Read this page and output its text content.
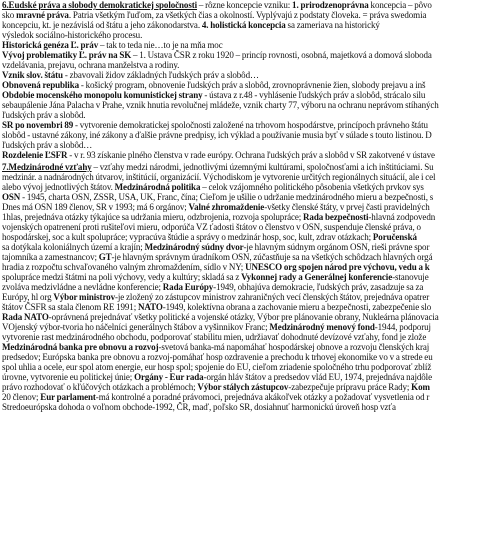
6.Eudské práva a slobody demokratickej spoločnosti – rôzne koncepcie vzniku: 1. prirodzenoprávna koncepcia – pôvo
sko mravné práva. Patria všetkým ľuďom, za všetkých čias a okolností. Vyplývajú z podstaty človeka. = práva swedomia
koncepciu, kt. je nezávislá od štátu a jeho zákonodarstva. 4. holistická koncepcia sa zameriava na historický
výsledok sociálno-historického procesu.
Historická genéza Ľ. práv – tak to teda nie…to je na mňa moc
Vývoj problematiky Ľ. práv na SK – 1. Ustava ČSR z roku 1920 – princíp rovnosti, osobná, majetková a domová sloboda
vzdelávania, prejavu, ochrana manželstva a rodiny.
Vznik slov. štátu - zbavovali židov základných ľudských práv a slobôd…
Obnovená republika - košický program, obnovenie ľudských práv a slobôd, zrovnoprávnenie žien, slobody prejavu a inš
Obdobie mocenského monopolu komunistickej strany - ústava z r.48 - vyhlásenie ľudských práv a slobôd, strácalo silu
sebaupálenie Jána Palacha v Prahe, vznik hnutia revolučnej mládeže, vznik charty 77, výboru na ochranu neprávom stíhaných
ľudských práv a slobôd.
SR po novembri 89 - vytvorenie demokratickej spoločnosti založené na trhovom hospodárstve, princípoch právneho štátu
slobôd - ustavné zákony, iné zákony a ďalšie právne predpisy, ich výklad a používanie musia byť v súlade s touto listinou. D
ľudských práv a slobôd…
Rozdelenie ĽSFR - v r. 93 získanie plného členstva v rade európy. Ochrana ľudských práv a slobôd v SR zakotvené v ústave
7.Medzinárodné vzťahy – vzťahy medzi národmi, jednotlivými územnými kultúrami, spoločnosťami a ich inštitúciami. Su
medzinár. a nadnárodných útvarov, inštitúcií, organizácií. Východiskom je vytvorenie určitých regionálnych situácií, ale i cel
alebo vývoj jednotlivých štátov. Medzinárodná politika – celok vzájomného politického pôsobenia všetkých prvkov sys
OSN - 1945, charta OSN, ZSSR, USA, UK, Franc, čína; Cieľom je ušilie o udržanie medzinárodného mieru a bezpečnosti, s
Dnes má OSN 189 členov, SR v 1993; má 6 orgánov; Valné zhromaždenie-všetky členské štáty, v prvej časti pravidelných
1hlas, prejednáva otázky týkajúce sa udržania mieru, odzbrojenia, rozvoja spolupráce; Rada bezpečnosti-hlavná zodpovedn
vojenských opatrenení proti rušiteľovi mieru, odporúča VZ ťadosti štátov o členstvo v OSN, suspenduje členské práva, o
hospodárskej, soc a kult spolupráce; vypracúva štúdie a správy o medzinár hosp, soc, kult, zdrav otázkach; Poručenská
sa dotýkala koloniálnych území a krajín; Medzinárodný súdny dvor-je hlavným súdnym orgánom OSN, rieši právne spor
tajomníka a zamestnancov; GT-je hlavným správnym úradníkom OSN, zúčastňuje sa na všetkých schôdzach hlavných orgá
hradia z rozpočtu schvaľovaného valným zhromaždením, sídlo v NY; UNESCO org spojen národ pre výchovu, vedu a k
spolupráce medzi štátmi na poli výchovy, vedy a kultúry; skladá sa z Vykonnej rady a Generálnej konferencie-stanovuje
zvoláva medzivládne a nevládne konferencie; Rada Európy-1949, obhajúva demokracie, ľudských práv, zasadzuje sa za
Európy, hl org Výbor ministrov-je zložený zo zástupcov ministrov zahraničných vecí členských štátov, prejednáva opatrer
štátov ČSFR sa stala členom RE 1991; NATO-1949, kolektívna obrana a zachovanie mieru a bezpečnosti, zabezpečenie slo
Rada NATO-oprávnená prejednávať všetky politické a vojenské otázky, Výbor pre plánovanie obrany, Nukleárna plánovacia
VOjenský výbor-tvoria ho náčelníci generálnych štábov a vyšinnikov Franc; Medzinárodný menový fond-1944, podporuj
vytvorenie rast medzinárodného obchodu, podporovať stabilitu mien, udržiavať dohodnuté devízové vzťahy, fond je zlože
Medzinárodná banka pre obnovu a rozvoj-svetová banka-má napomáhať hospodárskej obnove a rozvoju členských kraj
predsedov; Európska banka pre obnovu a rozvoj-pomáhať hosp ozdravenie a prechodu k trhovej ekonomike vo v a strede eu
spol uhlia a ocele, eur spol atom energie, eur hosp spol; spojenie do EU, cieľom zriadenie spoločného trhu podporovať zblíž
úrovne, vytvorenie eu politickej únie; Orgány - Eur rada-orgán hláv štátov a predsedov vlád EU, 1974, prejednáva najdôle
právo rozhodovať o kľúčových otázkach a problémoch; Výbor stálych zástupcov-zabezpečuje prípravu práce Rady; Kom
20 členov; Eur parlament-má kontrolné a poradné právomoci, prejednáva akákoľvek otázky a požadovať vysvetlenia od r
Stredoeurópska dohoda o voľnom obchode-1992, ČR, maď, poľsko SR, dosiahnuť harmonickú úroveň hosp vzťa
